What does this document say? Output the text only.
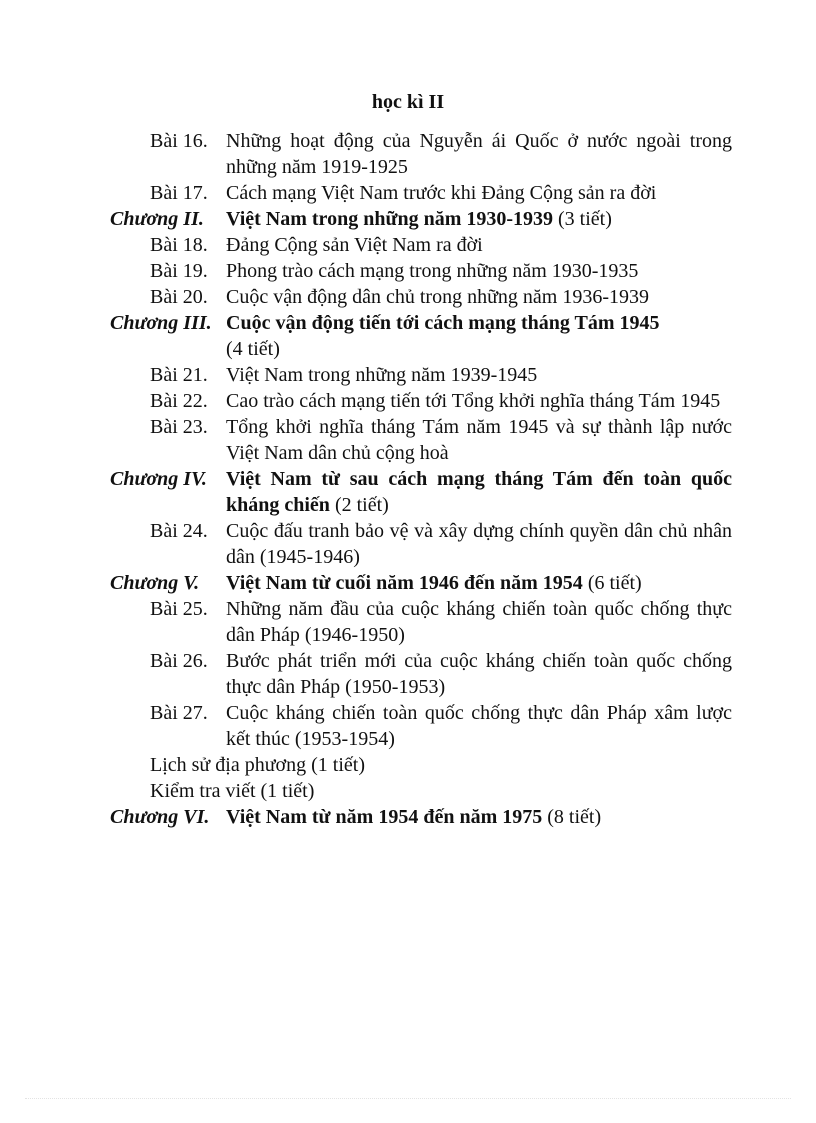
học kì II
Bài 16. Những hoạt động của Nguyễn ái Quốc ở nước ngoài trong những năm 1919-1925
Bài 17. Cách mạng Việt Nam trước khi Đảng Cộng sản ra đời
Chương II. Việt Nam trong những năm 1930-1939 (3 tiết)
Bài 18. Đảng Cộng sản Việt Nam ra đời
Bài 19. Phong trào cách mạng trong những năm 1930-1935
Bài 20. Cuộc vận động dân chủ trong những năm 1936-1939
Chương III. Cuộc vận động tiến tới cách mạng tháng Tám 1945
(4 tiết)
Bài 21. Việt Nam trong những năm 1939-1945
Bài 22. Cao trào cách mạng tiến tới Tổng khởi nghĩa tháng Tám 1945
Bài 23. Tổng khởi nghĩa tháng Tám năm 1945 và sự thành lập nước Việt Nam dân chủ cộng hoà
Chương IV. Việt Nam từ sau cách mạng tháng Tám đến toàn quốc kháng chiến (2 tiết)
Bài 24. Cuộc đấu tranh bảo vệ và xây dựng chính quyền dân chủ nhân dân (1945-1946)
Chương V. Việt Nam từ cuối năm 1946 đến năm 1954 (6 tiết)
Bài 25. Những năm đầu của cuộc kháng chiến toàn quốc chống thực dân Pháp (1946-1950)
Bài 26. Bước phát triển mới của cuộc kháng chiến toàn quốc chống thực dân Pháp (1950-1953)
Bài 27. Cuộc kháng chiến toàn quốc chống thực dân Pháp xâm lược kết thúc (1953-1954)
Lịch sử địa phương (1 tiết)
Kiểm tra viết (1 tiết)
Chương VI. Việt Nam từ năm 1954 đến năm 1975 (8 tiết)
